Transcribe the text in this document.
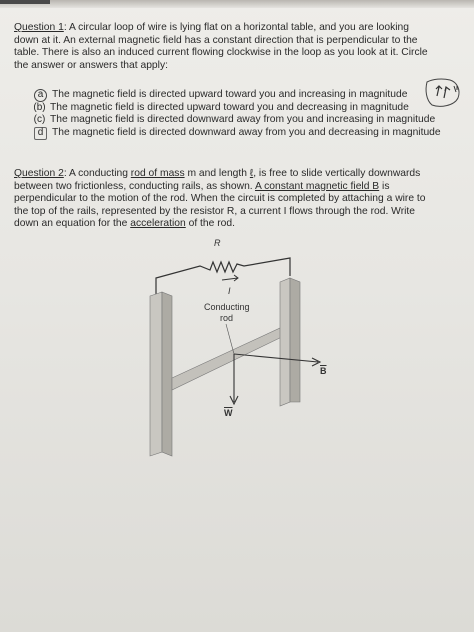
Question 1: A circular loop of wire is lying flat on a horizontal table, and you are looking down at it. An external magnetic field has a constant direction that is perpendicular to the table. There is also an induced current flowing clockwise in the loop as you look at it. Circle the answer or answers that apply:
a The magnetic field is directed upward toward you and increasing in magnitude
( b ) The magnetic field is directed upward toward you and decreasing in magnitude
( c ) The magnetic field is directed downward away from you and increasing in magnitude
d The magnetic field is directed downward away from you and decreasing in magnitude
Question 2: A conducting rod of mass m and length ℓ, is free to slide vertically downwards between two frictionless, conducting rails, as shown. A constant magnetic field B is perpendicular to the motion of the rod. When the circuit is completed by attaching a wire to the top of the rails, represented by the resistor R, a current I flows through the rod. Write down an equation for the acceleration of the rod.
R
I
Conducting
rod
$\overline{B}$
$\overline{W}$
